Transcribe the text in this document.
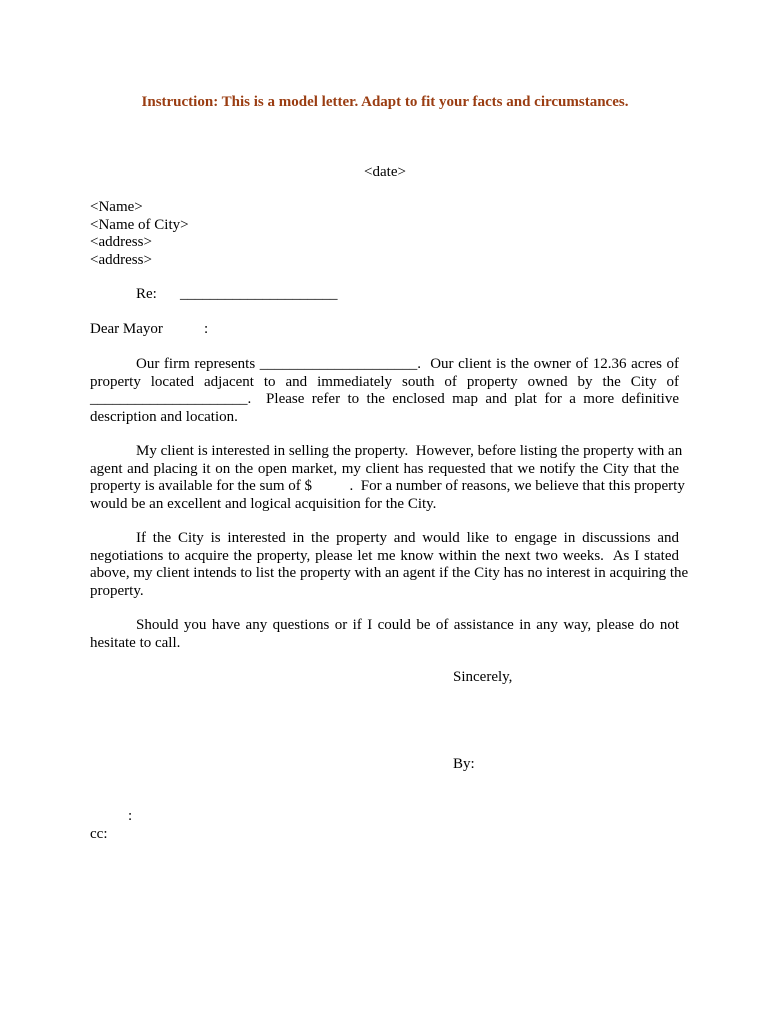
Instruction: This is a model letter. Adapt to fit your facts and circumstances.
<date>
<Name>
<Name of City>
<address>
<address>
Re: _____________________
Dear Mayor	:
Our firm represents _____________________.  Our client is the owner of 12.36 acres of
property located adjacent to and immediately south of property owned by the City of
_____________________.  Please refer to the enclosed map and plat for a more definitive
description and location.
My client is interested in selling the property.  However, before listing the property with an
agent and placing it on the open market, my client has requested that we notify the City that the
property is available for the sum of $          .  For a number of reasons, we believe that this property
would be an excellent and logical acquisition for the City.
If the City is interested in the property and would like to engage in discussions and
negotiations to acquire the property, please let me know within the next two weeks.  As I stated
above, my client intends to list the property with an agent if the City has no interest in acquiring the
property.
Should you have any questions or if I could be of assistance in any way, please do not
hesitate to call.
Sincerely,
By:
:
cc:
